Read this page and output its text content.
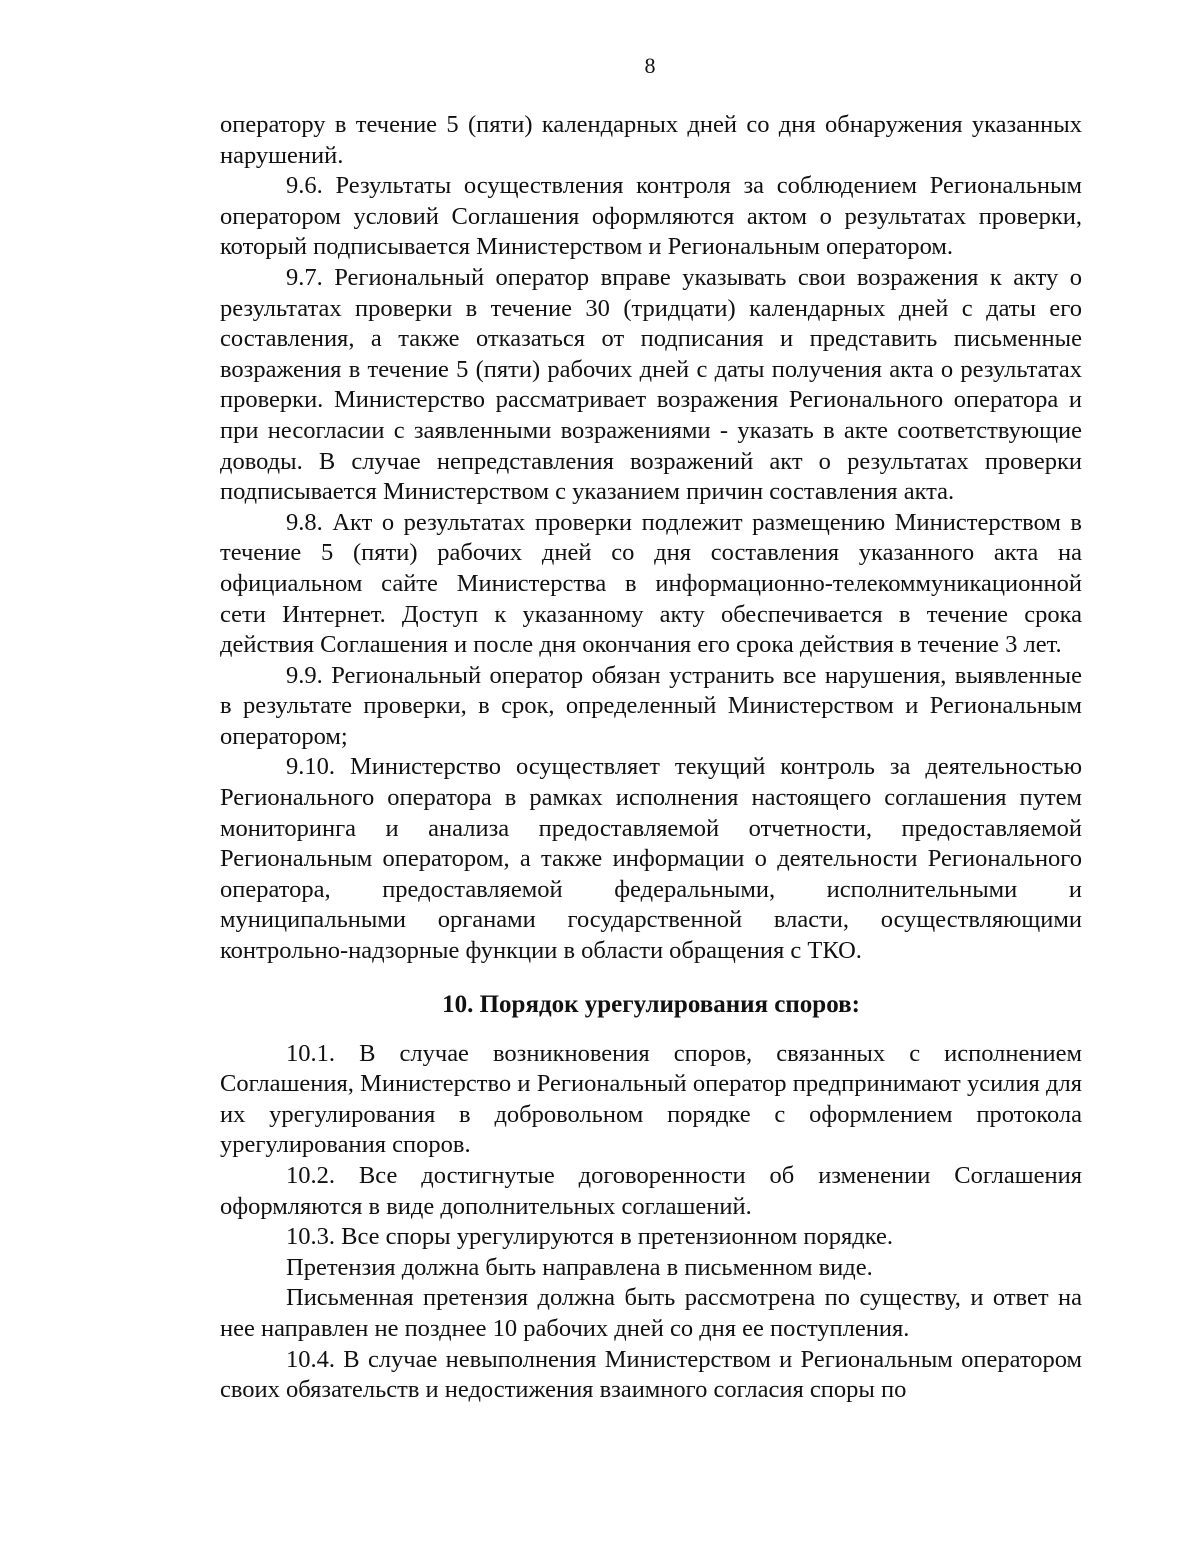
8

оператору в течение 5 (пяти) календарных дней со дня обнаружения указанных нарушений.

9.6. Результаты осуществления контроля за соблюдением Региональным оператором условий Соглашения оформляются актом о результатах проверки, который подписывается Министерством и Региональным оператором.

9.7. Региональный оператор вправе указывать свои возражения к акту о результатах проверки в течение 30 (тридцати) календарных дней с даты его составления, а также отказаться от подписания и представить письменные возражения в течение 5 (пяти) рабочих дней с даты получения акта о результатах проверки. Министерство рассматривает возражения Регионального оператора и при несогласии с заявленными возражениями - указать в акте соответствующие доводы. В случае непредставления возражений акт о результатах проверки подписывается Министерством с указанием причин составления акта.

9.8. Акт о результатах проверки подлежит размещению Министерством в течение 5 (пяти) рабочих дней со дня составления указанного акта на официальном сайте Министерства в информационно-телекоммуникационной сети Интернет. Доступ к указанному акту обеспечивается в течение срока действия Соглашения и после дня окончания его срока действия в течение 3 лет.

9.9. Региональный оператор обязан устранить все нарушения, выявленные в результате проверки, в срок, определенный Министерством и Региональным оператором;

9.10. Министерство осуществляет текущий контроль за деятельностью Регионального оператора в рамках исполнения настоящего соглашения путем мониторинга и анализа предоставляемой отчетности, предоставляемой Региональным оператором, а также информации о деятельности Регионального оператора, предоставляемой федеральными, исполнительными и муниципальными органами государственной власти, осуществляющими контрольно-надзорные функции в области обращения с ТКО.

10. Порядок урегулирования споров:

10.1. В случае возникновения споров, связанных с исполнением Соглашения, Министерство и Региональный оператор предпринимают усилия для их урегулирования в добровольном порядке с оформлением протокола урегулирования споров.

10.2. Все достигнутые договоренности об изменении Соглашения оформляются в виде дополнительных соглашений.

10.3. Все споры урегулируются в претензионном порядке.

Претензия должна быть направлена в письменном виде.

Письменная претензия должна быть рассмотрена по существу, и ответ на нее направлен не позднее 10 рабочих дней со дня ее поступления.

10.4. В случае невыполнения Министерством и Региональным оператором своих обязательств и недостижения взаимного согласия споры по
